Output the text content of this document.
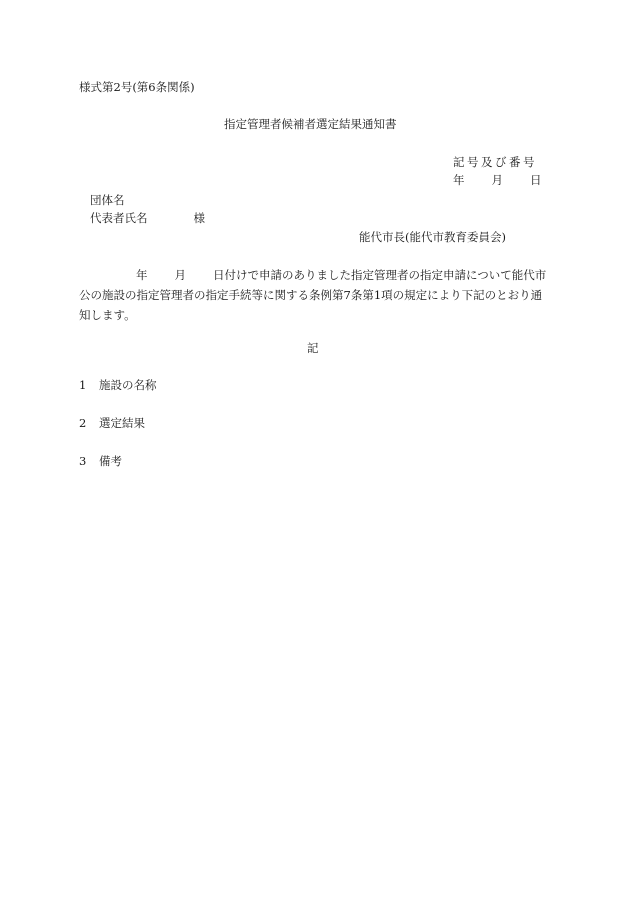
様式第2号(第6条関係)
指定管理者候補者選定結果通知書
記号及び番号
年 月 日
団体名
代表者氏名	様
能代市長(能代市教育委員会)
年 月 日付けで申請のありました指定管理者の指定申請について能代市公の施設の指定管理者の指定手続等に関する条例第7条第1項の規定により下記のとおり通知します。
記
1 施設の名称
2 選定結果
3 備考
